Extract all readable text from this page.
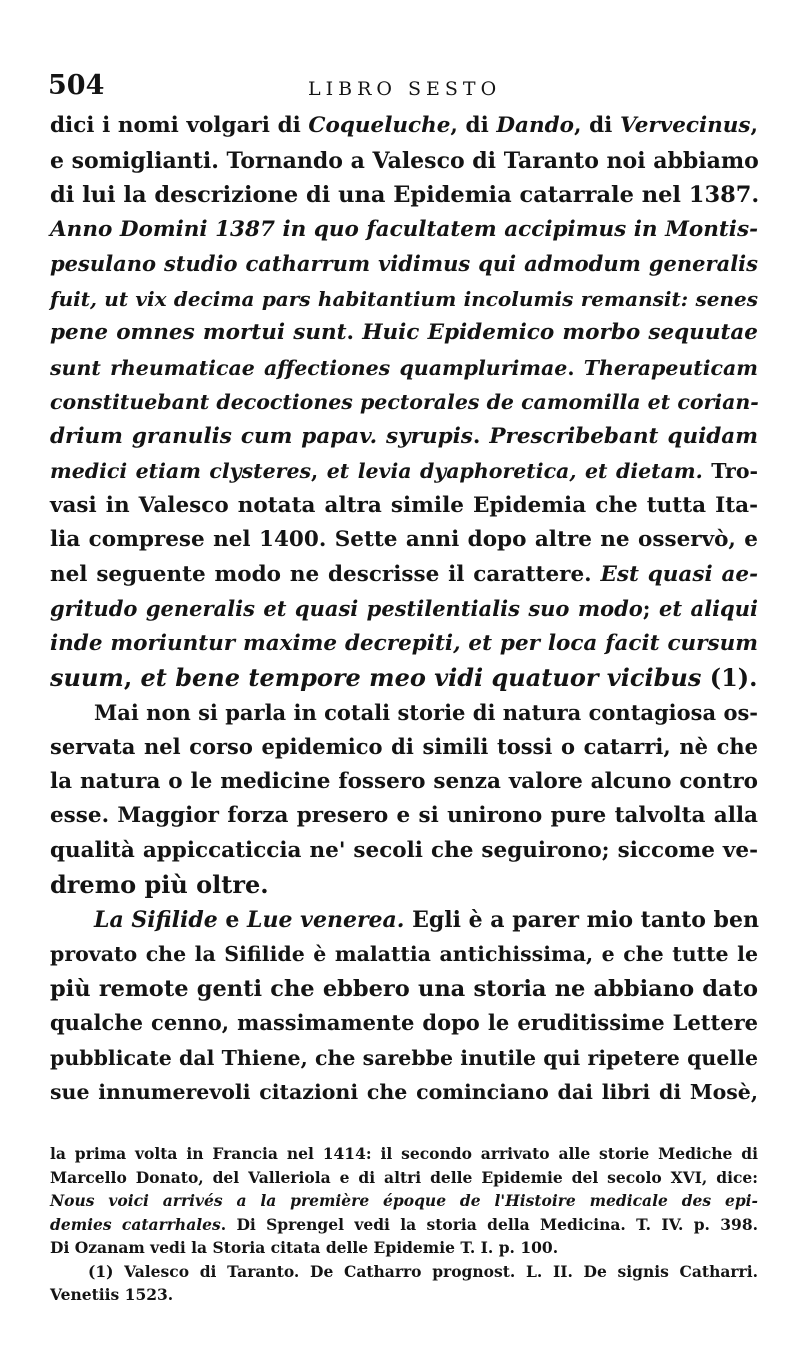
504	LIBRO SESTO
dici i nomi volgari di Coqueluche, di Dando, di Vervecinus,
e somiglianti. Tornando a Valesco di Taranto noi abbiamo
di lui la descrizione di una Epidemia catarrale nel 1387.
Anno Domini 1387 in quo facultatem accipimus in Montis-
pesulano studio catharrum vidimus qui admodum generalis
fuit, ut vix decima pars habitantium incolumis remansit: senes
pene omnes mortui sunt. Huic Epidemico morbo sequutae
sunt rheumaticae affectiones quamplurimae. Therapeuticam
constituebant decoctiones pectorales de camomilla et corian-
drium granulis cum papav. syrupis. Prescribebant quidam
medici etiam clysteres, et levia dyaphoretica, et dietam. Tro-
vasi in Valesco notata altra simile Epidemia che tutta Ita-
lia comprese nel 1400. Sette anni dopo altre ne osservò, e
nel seguente modo ne descrisse il carattere. Est quasi ae-
gritudo generalis et quasi pestilentialis suo modo; et aliqui
inde moriuntur maxime decrepiti, et per loca facit cursum
suum, et bene tempore meo vidi quatuor vicibus (1).
Mai non si parla in cotali storie di natura contagiosa os-
servata nel corso epidemico di simili tossi o catarri, nè che
la natura o le medicine fossero senza valore alcuno contro
esse. Maggior forza presero e si unirono pure talvolta alla
qualità appiccaticcia ne' secoli che seguirono; siccome ve-
dremo più oltre.
La Sifilide e Lue venerea. Egli è a parer mio tanto ben
provato che la Sifilide è malattia antichissima, e che tutte le
più remote genti che ebbero una storia ne abbiano dato
qualche cenno, massimamente dopo le eruditissime Lettere
pubblicate dal Thiene, che sarebbe inutile qui ripetere quelle
sue innumerevoli citazioni che cominciano dai libri di Mosè,
la prima volta in Francia nel 1414: il secondo arrivato alle storie Mediche di
Marcello Donato, del Valleriola e di altri delle Epidemie del secolo XVI, dice:
Nous voici arrivés a la première époque de l'Histoire medicale des epi-
demies catarrhales. Di Sprengel vedi la storia della Medicina. T. IV. p. 398.
Di Ozanam vedi la Storia citata delle Epidemie T. I. p. 100.
(1) Valesco di Taranto. De Catharro prognost. L. II. De signis Catharri.
Venetiis 1523.
